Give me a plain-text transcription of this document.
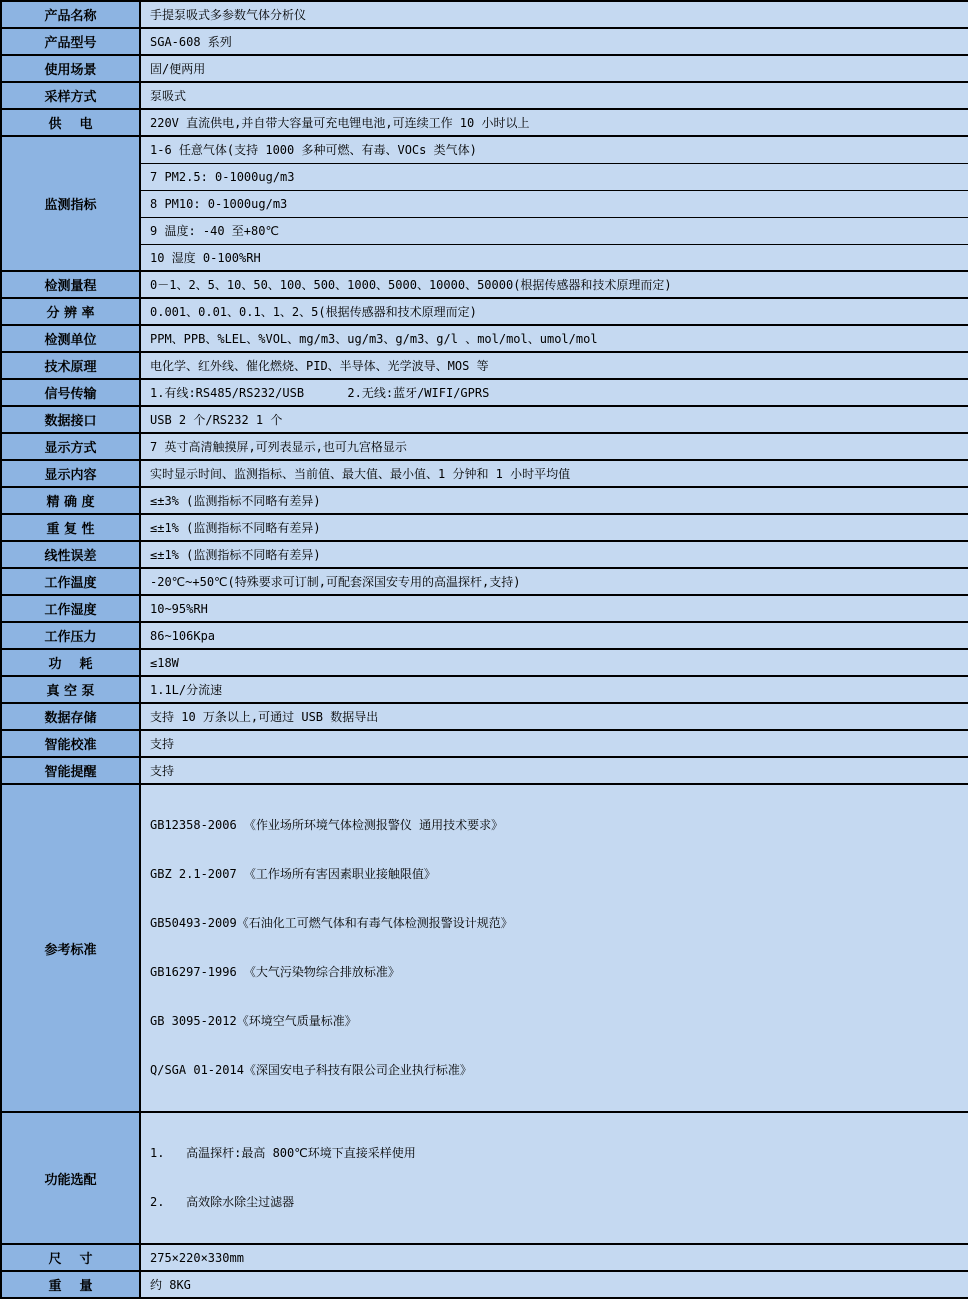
产品名称	手提泵吸式多参数气体分析仪
产品型号	SGA-608 系列
使用场景	固/便两用
采样方式	泵吸式
供    电	220V 直流供电,并自带大容量可充电锂电池,可连续工作 10 小时以上
监测指标	1-6 任意气体(支持 1000 多种可燃、有毒、VOCs 类气体)
	7 PM2.5: 0-1000ug/m3
	8 PM10: 0-1000ug/m3
	9 温度: -40 至+80℃
	10 湿度 0-100%RH
检测量程	0－1、2、5、10、50、100、500、1000、5000、10000、50000(根据传感器和技术原理而定)
分 辨 率	0.001、0.01、0.1、1、2、5(根据传感器和技术原理而定)
检测单位	PPM、PPB、%LEL、%VOL、mg/m3、ug/m3、g/m3、g/l 、mol/mol、umol/mol
技术原理	电化学、红外线、催化燃烧、PID、半导体、光学波导、MOS 等
信号传输	1.有线:RS485/RS232/USB      2.无线:蓝牙/WIFI/GPRS
数据接口	USB 2 个/RS232 1 个
显示方式	7 英寸高清触摸屏,可列表显示,也可九宫格显示
显示内容	实时显示时间、监测指标、当前值、最大值、最小值、1 分钟和 1 小时平均值
精 确 度	≤±3% (监测指标不同略有差异)
重 复 性	≤±1% (监测指标不同略有差异)
线性误差	≤±1% (监测指标不同略有差异)
工作温度	-20℃~+50℃(特殊要求可订制,可配套深国安专用的高温探杆,支持)
工作湿度	10~95%RH
工作压力	86~106Kpa
功    耗	≤18W
真 空 泵	1.1L/分流速
数据存储	支持 10 万条以上,可通过 USB 数据导出
智能校准	支持
智能提醒	支持
参考标准	

GB12358-2006 《作业场所环境气体检测报警仪 通用技术要求》

GBZ 2.1-2007 《工作场所有害因素职业接触限值》

GB50493-2009《石油化工可燃气体和有毒气体检测报警设计规范》

GB16297-1996 《大气污染物综合排放标准》

GB 3095-2012《环境空气质量标准》

Q/SGA 01-2014《深国安电子科技有限公司企业执行标准》

功能选配	1.   高温探杆:最高 800℃环境下直接采样使用

2.   高效除水除尘过滤器

尺    寸	275×220×330mm
重    量	约 8KG
